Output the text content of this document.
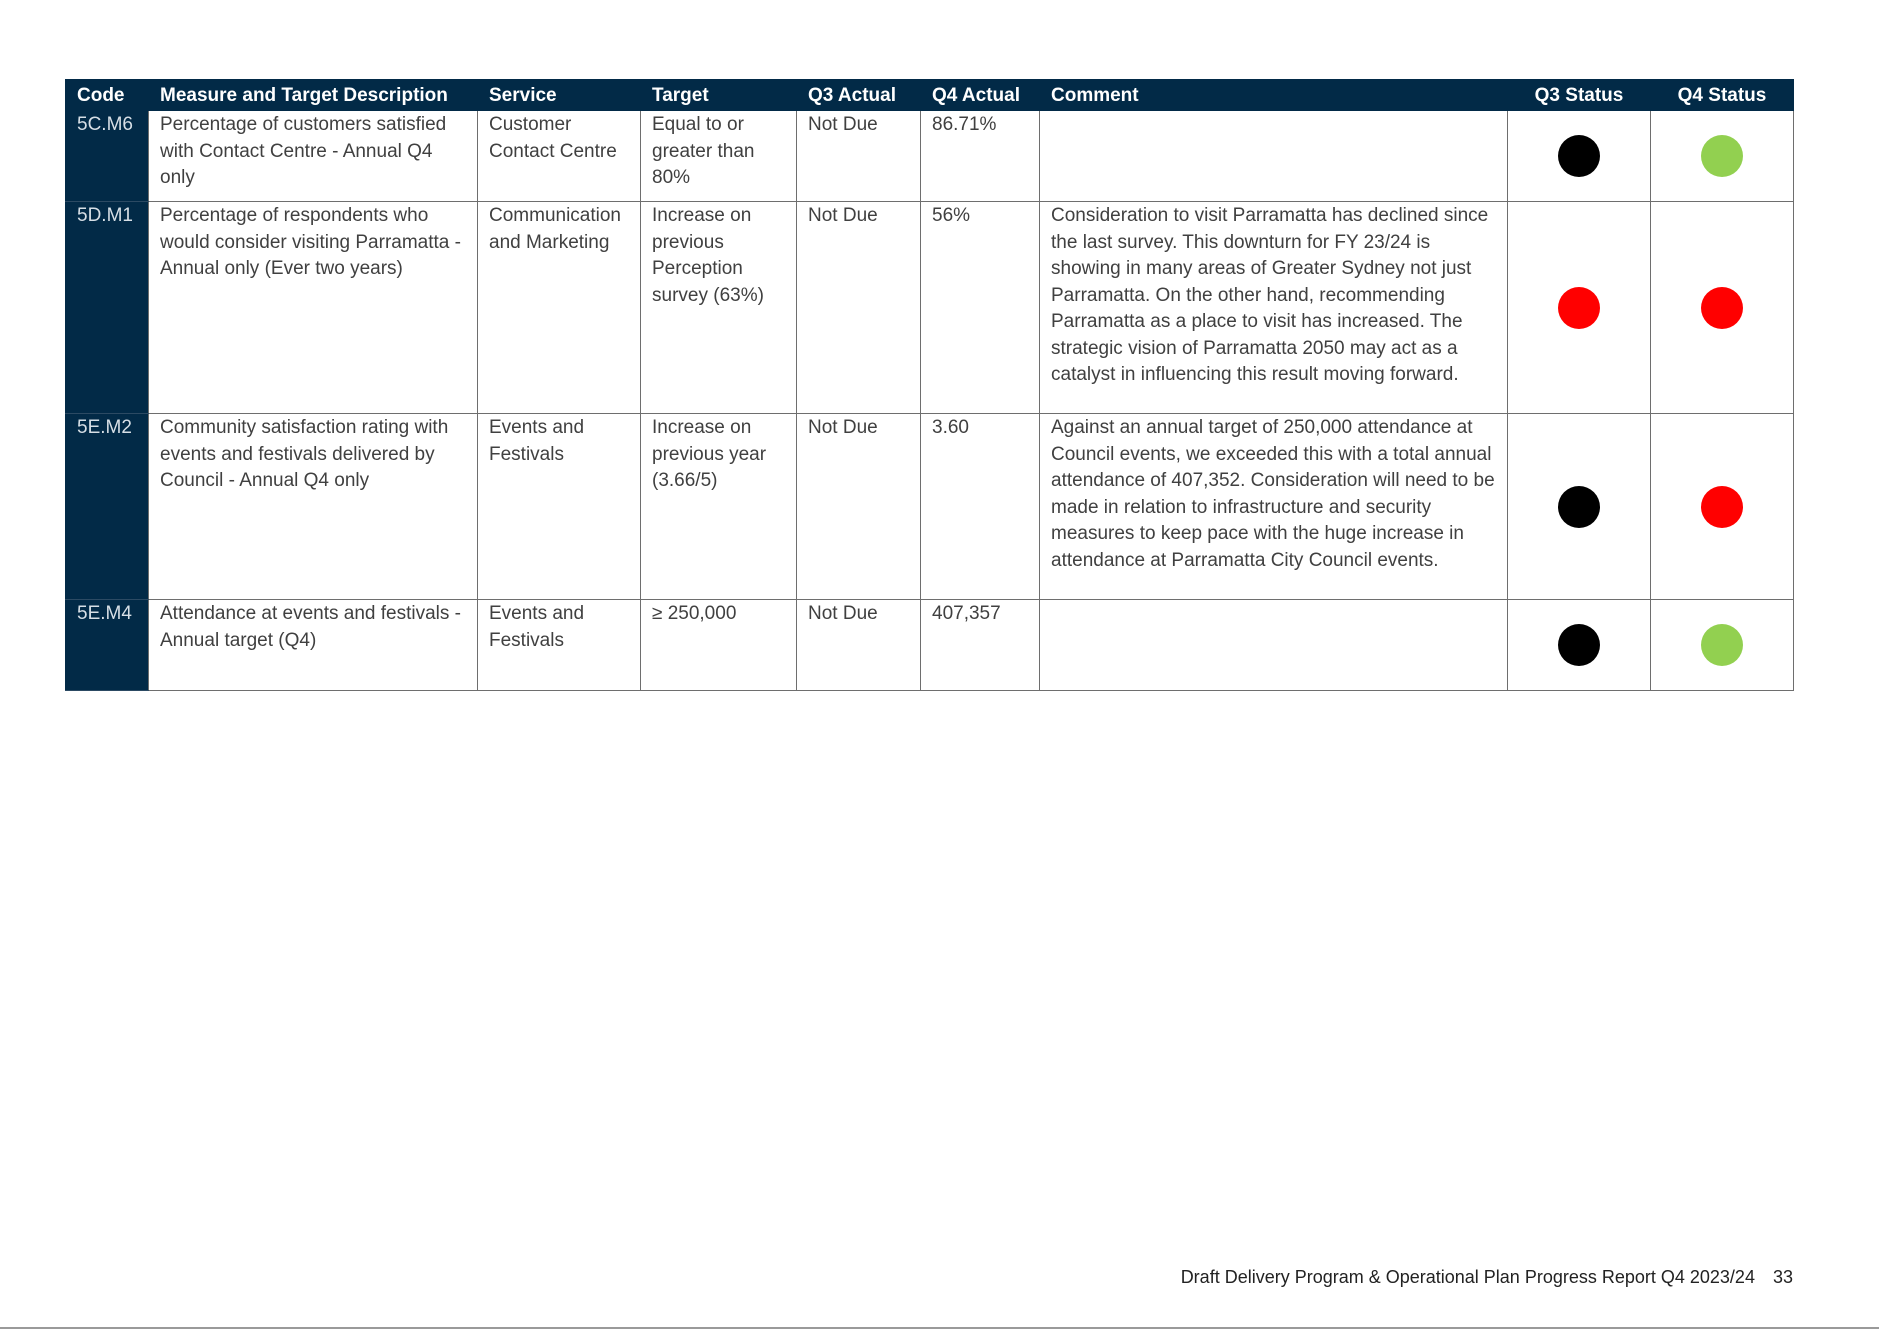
Code	Measure and Target Description	Service	Target	Q3 Actual	Q4 Actual	Comment	Q3 Status	Q4 Status
5C.M6	Percentage of customers satisfied with Contact Centre - Annual Q4 only	Customer Contact Centre	Equal to or greater than 80%	Not Due	86.71%			
5D.M1	Percentage of respondents who would consider visiting Parramatta - Annual only (Ever two years)	Communication and Marketing	Increase on previous Perception survey (63%)	Not Due	56%	Consideration to visit Parramatta has declined since the last survey. This downturn for FY 23/24 is showing in many areas of Greater Sydney not just Parramatta. On the other hand, recommending Parramatta as a place to visit has increased. The strategic vision of Parramatta 2050 may act as a catalyst in influencing this result moving forward.		
5E.M2	Community satisfaction rating with events and festivals delivered by Council - Annual Q4 only	Events and Festivals	Increase on previous year (3.66/5)	Not Due	3.60	Against an annual target of 250,000 attendance at Council events, we exceeded this with a total annual attendance of 407,352. Consideration will need to be made in relation to infrastructure and security measures to keep pace with the huge increase in attendance at Parramatta City Council events.		
5E.M4	Attendance at events and festivals - Annual target (Q4)	Events and Festivals	≥ 250,000	Not Due	407,357			
Draft Delivery Program & Operational Plan Progress Report Q4 2023/24 33
